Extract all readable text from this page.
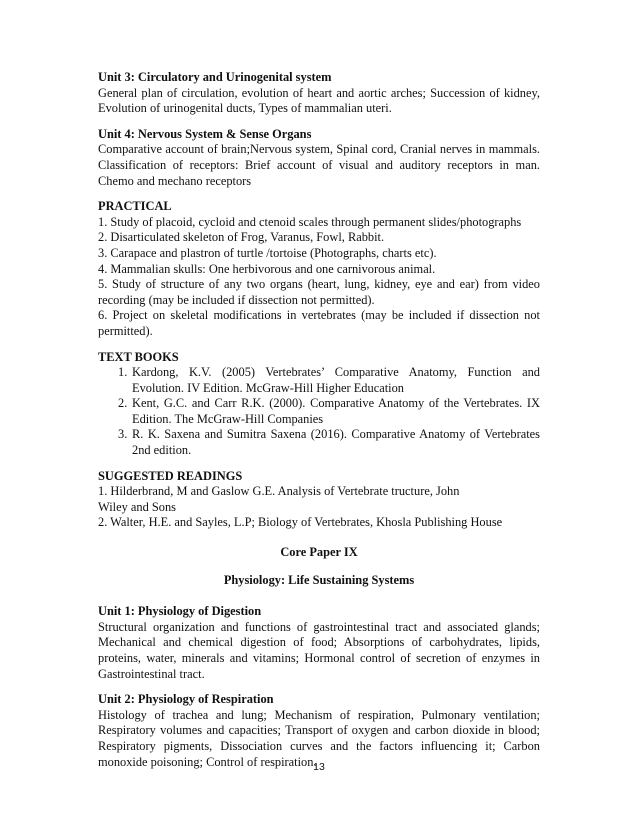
Unit 3: Circulatory and Urinogenital system

General plan of circulation, evolution of heart and aortic arches; Succession of kidney, Evolution of urinogenital ducts, Types of mammalian uteri.

Unit 4: Nervous System & Sense Organs

Comparative account of brain;Nervous system, Spinal cord, Cranial nerves in mammals. Classification of receptors: Brief account of visual and auditory receptors in man. Chemo and mechano receptors

PRACTICAL

1. Study of placoid, cycloid and ctenoid scales through permanent slides/photographs

2. Disarticulated skeleton of Frog, Varanus, Fowl, Rabbit.

3. Carapace and plastron of turtle /tortoise (Photographs, charts etc).

4. Mammalian skulls: One herbivorous and one carnivorous animal.

5. Study of structure of any two organs (heart, lung, kidney, eye and ear) from video recording (may be included if dissection not permitted).

6. Project on skeletal modifications in vertebrates (may be included if dissection not permitted).

TEXT BOOKS

1. Kardong, K.V. (2005) Vertebrates’ Comparative Anatomy, Function and Evolution. IV Edition. McGraw-Hill Higher Education
2. Kent, G.C. and Carr R.K. (2000). Comparative Anatomy of the Vertebrates. IX Edition. The McGraw-Hill Companies
3. R. K. Saxena and Sumitra Saxena (2016). Comparative Anatomy of Vertebrates 2nd edition.

SUGGESTED READINGS

1. Hilderbrand, M and Gaslow G.E. Analysis of Vertebrate tructure, John

Wiley and Sons

2. Walter, H.E. and Sayles, L.P; Biology of Vertebrates, Khosla Publishing House

Core Paper IX

Physiology: Life Sustaining Systems

Unit 1: Physiology of Digestion

Structural organization and functions of gastrointestinal tract and associated glands; Mechanical and chemical digestion of food; Absorptions of carbohydrates, lipids, proteins, water, minerals and vitamins; Hormonal control of secretion of enzymes in Gastrointestinal tract.

Unit 2: Physiology of Respiration

Histology of trachea and lung; Mechanism of respiration, Pulmonary ventilation; Respiratory volumes and capacities; Transport of oxygen and carbon dioxide in blood; Respiratory pigments, Dissociation curves and the factors influencing it; Carbon monoxide poisoning; Control of respiration.

13
